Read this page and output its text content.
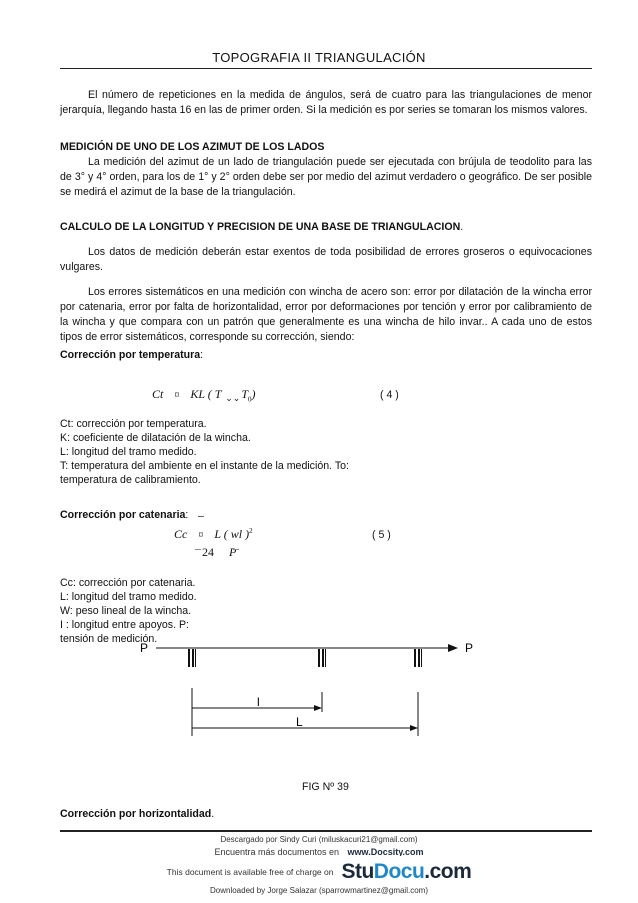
TOPOGRAFIA II TRIANGULACIÓN
El número de repeticiones en la medida de ángulos, será de cuatro para las triangulaciones de menor jerarquía, llegando hasta 16 en las de primer orden. Si la medición es por series se tomaran los mismos valores.
MEDICIÓN DE UNO DE LOS AZIMUT DE LOS LADOS
La medición del azimut de un lado de triangulación puede ser ejecutada con brújula de teodolito para las de 3° y 4° orden, para los de 1° y 2° orden debe ser por medio del azimut verdadero o geográfico. De ser posible se medirá el azimut de la base de la triangulación.
CALCULO DE LA LONGITUD Y PRECISION DE UNA BASE DE TRIANGULACION.
Los datos de medición deberán estar exentos de toda posibilidad de errores groseros o equivocaciones vulgares.
Los errores sistemáticos en una medición con wincha de acero son: error por dilatación de la wincha error por catenaria, error por falta de horizontalidad, error por deformaciones por tención y error por calibramiento de la wincha y que compara con un patrón que generalmente es una wincha de hilo invar.. A cada uno de estos tipos de error sistemáticos, corresponde su corrección, siendo:
Corrección por temperatura:
Ct ¤ KL ( T $_{⌄⌄}T_0$)	( 4 )
Ct: corrección por temperatura.
K: coeficiente de dilatación de la wincha.
L: longitud del tramo medido.
T: temperatura del ambiente en el instante de la medición. To:
temperatura de calibramiento.
Corrección por catenaria:
Cc ¤ L ( wl )$^2$
24 P
( 5 )
Cc: corrección por catenaria.
L: longitud del tramo medido.
W: peso lineal de la wincha.
I : longitud entre apoyos. P:
tensión de medición.
P	P
l
L
FIG Nº 39
Corrección por horizontalidad.
Descargado por Sindy Curi (miluskacuri21@gmail.com)
Encuentra más documentos en www.Docsity.com
This document is available free of charge on StuDocu.com
Downloaded by Jorge Salazar (sparrowmartinez@gmail.com)
